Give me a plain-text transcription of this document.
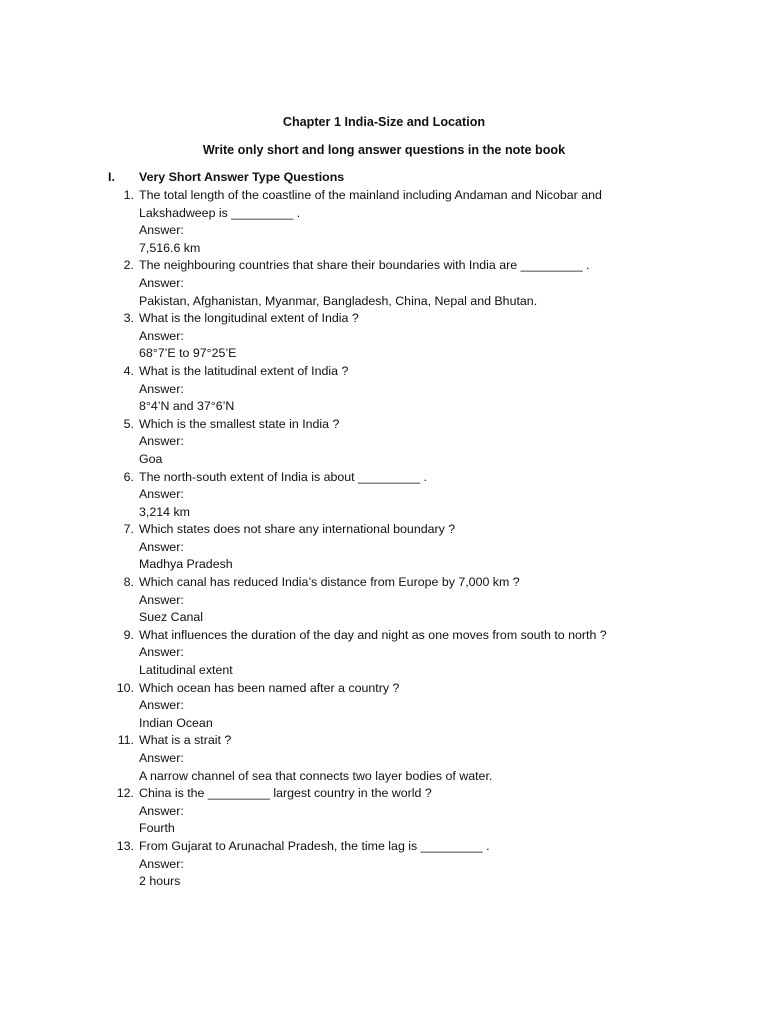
Chapter 1 India-Size and Location
Write only short and long answer questions in the note book
I. Very Short Answer Type Questions
1. The total length of the coastline of the mainland including Andaman and Nicobar and Lakshadweep is _________ .
Answer:
7,516.6 km
2. The neighbouring countries that share their boundaries with India are _________ .
Answer:
Pakistan, Afghanistan, Myanmar, Bangladesh, China, Nepal and Bhutan.
3. What is the longitudinal extent of India ?
Answer:
68°7’E to 97°25’E
4. What is the latitudinal extent of India ?
Answer:
8°4’N and 37°6’N
5. Which is the smallest state in India ?
Answer:
Goa
6. The north-south extent of India is about _________ .
Answer:
3,214 km
7. Which states does not share any international boundary ?
Answer:
Madhya Pradesh
8. Which canal has reduced India’s distance from Europe by 7,000 km ?
Answer:
Suez Canal
9. What influences the duration of the day and night as one moves from south to north ?
Answer:
Latitudinal extent
10. Which ocean has been named after a country ?
Answer:
Indian Ocean
11. What is a strait ?
Answer:
A narrow channel of sea that connects two layer bodies of water.
12. China is the _________ largest country in the world ?
Answer:
Fourth
13. From Gujarat to Arunachal Pradesh, the time lag is _________ .
Answer:
2 hours
